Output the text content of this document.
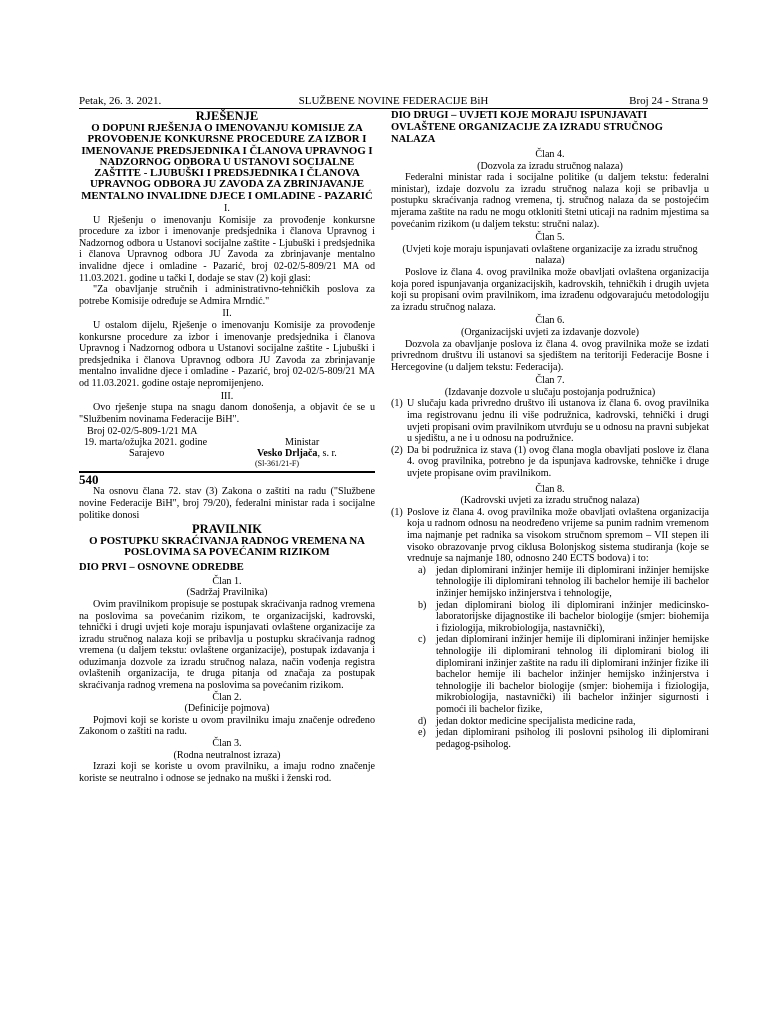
Petak, 26. 3. 2021.	SLUŽBENE NOVINE FEDERACIJE BiH	Broj 24 - Strana 9

RJEŠENJE

O DOPUNI RJEŠENJA O IMENOVANJU KOMISIJE ZA PROVOĐENJE KONKURSNE PROCEDURE ZA IZBOR I IMENOVANJE PREDSJEDNIKA I ČLANOVA UPRAVNOG I NADZORNOG ODBORA U USTANOVI SOCIJALNE ZAŠTITE - LJUBUŠKI I PREDSJEDNIKA I ČLANOVA UPRAVNOG ODBORA JU ZAVODA ZA ZBRINJAVANJE MENTALNO INVALIDNE DJECE I OMLADINE - PAZARIĆ

I.

U Rješenju o imenovanju Komisije za provođenje konkursne procedure za izbor i imenovanje predsjednika i članova Upravnog i Nadzornog odbora u Ustanovi socijalne zaštite - Ljubuški i predsjednika i članova Upravnog odbora JU Zavoda za zbrinjavanje mentalno invalidne djece i omladine - Pazarić, broj 02-02/5-809/21 MA od 11.03.2021. godine u tački I, dodaje se stav (2) koji glasi:

"Za obavljanje stručnih i administrativno-tehničkih poslova za potrebe Komisije određuje se Admira Mrndić."

II.

U ostalom dijelu, Rješenje o imenovanju Komisije za provođenje konkursne procedure za izbor i imenovanje predsjednika i članova Upravnog i Nadzornog odbora u Ustanovi socijalne zaštite - Ljubuški i predsjednika i članova Upravnog odbora JU Zavoda za zbrinjavanje mentalno invalidne djece i omladine - Pazarić, broj 02-02/5-809/21 MA od 11.03.2021. godine ostaje nepromijenjeno.

III.

Ovo rješenje stupa na snagu danom donošenja, a objavit će se u "Službenim novinama Federacije BiH".

Broj 02-02/5-809-1/21 MA
19. marta/ožujka 2021. godine
Sarajevo
Ministar
Vesko Drljača, s. r.

(Sl-361/21-F)

540

Na osnovu člana 72. stav (3) Zakona o zaštiti na radu ("Službene novine Federacije BiH", broj 79/20), federalni ministar rada i socijalne politike donosi

PRAVILNIK

O POSTUPKU SKRAĆIVANJA RADNOG VREMENA NA POSLOVIMA SA POVEĆANIM RIZIKOM

DIO PRVI – OSNOVNE ODREDBE

Član 1.

(Sadržaj Pravilnika)

Ovim pravilnikom propisuje se postupak skraćivanja radnog vremena na poslovima sa povećanim rizikom, te organizacijski, kadrovski, tehnički i drugi uvjeti koje moraju ispunjavati ovlaštene organizacije za izradu stručnog nalaza koji se pribavlja u postupku skraćivanja radnog vremena (u daljem tekstu: ovlaštene organizacije), postupak izdavanja i oduzimanja dozvole za izradu stručnog nalaza, način vođenja registra ovlaštenih organizacija, te druga pitanja od značaja za postupak skraćivanja radnog vremena na poslovima sa povećanim rizikom.

Član 2.

(Definicije pojmova)

Pojmovi koji se koriste u ovom pravilniku imaju značenje određeno Zakonom o zaštiti na radu.

Član 3.

(Rodna neutralnost izraza)

Izrazi koji se koriste u ovom pravilniku, a imaju rodno značenje koriste se neutralno i odnose se jednako na muški i ženski rod.

DIO DRUGI – UVJETI KOJE MORAJU ISPUNJAVATI OVLAŠTENE ORGANIZACIJE ZA IZRADU STRUČNOG NALAZA

Član 4.

(Dozvola za izradu stručnog nalaza)

Federalni ministar rada i socijalne politike (u daljem tekstu: federalni ministar), izdaje dozvolu za izradu stručnog nalaza koji se pribavlja u postupku skraćivanja radnog vremena, tj. stručnog nalaza da se postojećim mjerama zaštite na radu ne mogu otkloniti štetni uticaji na radnim mjestima sa povećanim rizikom (u daljem tekstu: stručni nalaz).

Član 5.

(Uvjeti koje moraju ispunjavati ovlaštene organizacije za izradu stručnog nalaza)

Poslove iz člana 4. ovog pravilnika može obavljati ovlaštena organizacija koja pored ispunjavanja organizacijskih, kadrovskih, tehničkih i drugih uvjeta koji su propisani ovim pravilnikom, ima izrađenu odgovarajuću metodologiju za izradu stručnog nalaza.

Član 6.

(Organizacijski uvjeti za izdavanje dozvole)

Dozvola za obavljanje poslova iz člana 4. ovog pravilnika može se izdati privrednom društvu ili ustanovi sa sjedištem na teritoriji Federacije Bosne i Hercegovine (u daljem tekstu: Federacija).

Član 7.

(Izdavanje dozvole u slučaju postojanja podružnica)

(1) U slučaju kada privredno društvo ili ustanova iz člana 6. ovog pravilnika ima registrovanu jednu ili više podružnica, kadrovski, tehnički i drugi uvjeti propisani ovim pravilnikom utvrđuju se u odnosu na pravni subjekat u sjedištu, a ne i u odnosu na podružnice.
(2) Da bi podružnica iz stava (1) ovog člana mogla obavljati poslove iz člana 4. ovog pravilnika, potrebno je da ispunjava kadrovske, tehničke i druge uvjete propisane ovim pravilnikom.

Član 8.

(Kadrovski uvjeti za izradu stručnog nalaza)

(1) Poslove iz člana 4. ovog pravilnika može obavljati ovlaštena organizacija koja u radnom odnosu na neodređeno vrijeme sa punim radnim vremenom ima najmanje pet radnika sa visokom stručnom spremom – VII stepen ili visoko obrazovanje prvog ciklusa Bolonjskog sistema studiranja (koje se vrednuje sa najmanje 180, odnosno 240 ECTS bodova) i to:
a)	jedan diplomirani inžinjer hemije ili diplomirani inžinjer hemijske tehnologije ili diplomirani tehnolog ili bachelor hemije ili bachelor inžinjer hemijsko inžinjerstva i tehnologije,
b) jedan diplomirani biolog ili diplomirani inžinjer medicinsko-laboratorijske dijagnostike ili bachelor biologije (smjer: biohemija i fiziologija, mikrobiologija, nastavnički),
c)	jedan diplomirani inžinjer hemije ili diplomirani inžinjer hemijske tehnologije ili diplomirani tehnolog ili diplomirani biolog ili diplomirani inžinjer zaštite na radu ili diplomirani inžinjer fizike ili bachelor hemije ili bachelor inžinjer hemijsko inžinjerstva i tehnologije ili bachelor biologije (smjer: biohemija i fiziologija, mikrobiologija, nastavnički) ili bachelor inžinjer sigurnosti i pomoći ili bachelor fizike,
d) jedan doktor medicine specijalista medicine rada,
e)	jedan diplomirani psiholog ili poslovni psiholog ili diplomirani pedagog-psiholog.
